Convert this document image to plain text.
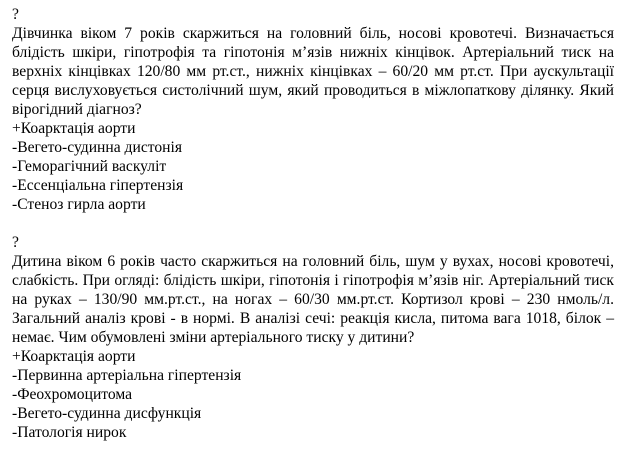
?

Дівчинка віком 7 років скаржиться на головний біль, носові кровотечі. Визначається блідість шкіри, гіпотрофія та гіпотонія м’язів нижніх кінцівок. Артеріальний тиск на верхніх кінцівках 120/80 мм рт.ст., нижніх кінцівках – 60/20 мм рт.ст. При аускультації серця вислуховується систолічний шум, який проводиться в міжлопаткову ділянку. Який вірогідний діагноз?

+Коарктація аорти
-Вегето-судинна дистонія
-Геморагічний васкуліт
-Ессенціальна гіпертензія
-Стеноз гирла аорти
?

Дитина віком 6 років часто скаржиться на головний біль, шум у вухах, носові кровотечі, слабкість. При огляді: блідість шкіри, гіпотонія і гіпотрофія м’язів ніг. Артеріальний тиск на руках – 130/90 мм.рт.ст., на ногах – 60/30 мм.рт.ст. Кортизол крові – 230 нмоль/л. Загальний аналіз крові - в нормі. В аналізі сечі: реакція кисла, питома вага 1018, білок – немає. Чим обумовлені зміни артеріального тиску у дитини?

+Коарктація аорти
-Первинна артеріальна гіпертензія
-Феохромоцитома
-Вегето-судинна дисфункція
-Патологія нирок
